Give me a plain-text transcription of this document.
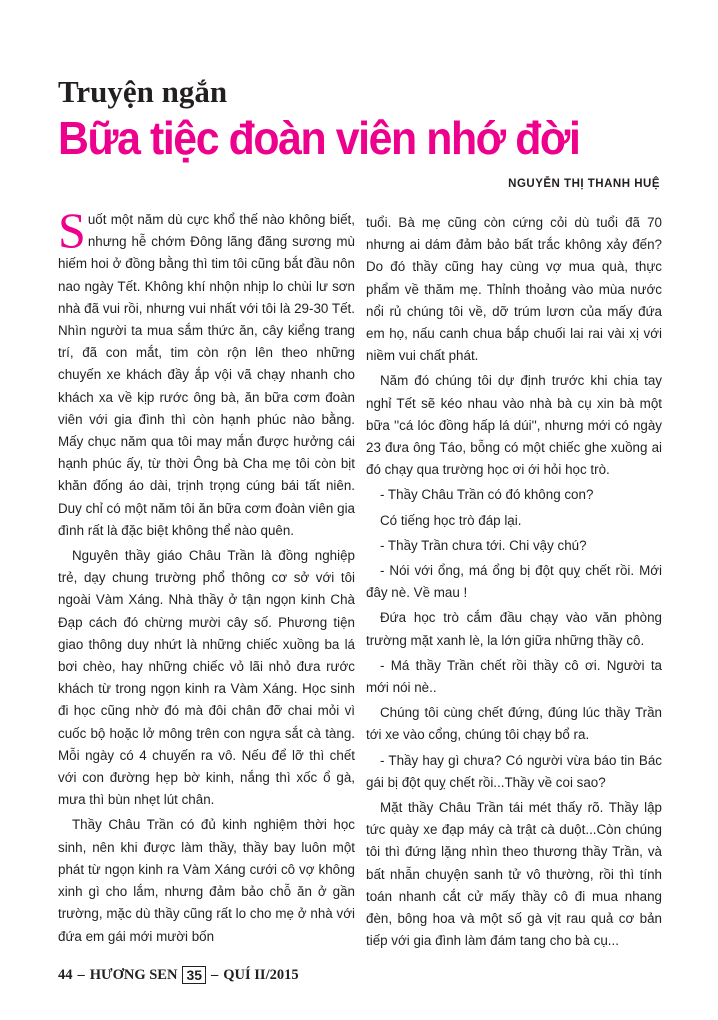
Truyện ngắn
Bữa tiệc đoàn viên nhớ đời

NGUYỄN THỊ THANH HUỆ

Suốt một năm dù cực khổ thế nào không biết, nhưng hễ chớm Đông lãng đãng sương mù hiếm hoi ở đồng bằng thì tim tôi cũng bắt đầu nôn nao ngày Tết. Không khí nhộn nhịp lo chùi lư sơn nhà đã vui rồi, nhưng vui nhất với tôi là 29-30 Tết. Nhìn người ta mua sắm thức ăn, cây kiểng trang trí, đã con mắt, tim còn rộn lên theo những chuyến xe khách đầy ắp vội vã chạy nhanh cho khách xa về kịp rước ông bà, ăn bữa cơm đoàn viên với gia đình thì còn hạnh phúc nào bằng. Mấy chục năm qua tôi may mắn được hưởng cái hạnh phúc ấy, từ thời Ông bà Cha mẹ tôi còn bịt khăn đống áo dài, trịnh trọng cúng bái tất niên. Duy chỉ có một năm tôi ăn bữa cơm đoàn viên gia đình rất là đặc biệt không thể nào quên.

Nguyên thầy giáo Châu Trần là đồng nghiệp trẻ, dạy chung trường phổ thông cơ sở với tôi ngoài Vàm Xáng. Nhà thầy ở tận ngọn kinh Chà Đạp cách đó chừng mười cây số. Phương tiện giao thông duy nhứt là những chiếc xuồng ba lá bơi chèo, hay những chiếc vỏ lãi nhỏ đưa rước khách từ trong ngọn kinh ra Vàm Xáng. Học sinh đi học cũng nhờ đó mà đôi chân đỡ chai mỏi vì cuốc bộ hoặc lở mông trên con ngựa sắt cà tàng. Mỗi ngày có 4 chuyến ra vô. Nếu để lỡ thì chết với con đường hẹp bờ kinh, nắng thì xốc ổ gà, mưa thì bùn nhẹt lút chân.

Thầy Châu Trần có đủ kinh nghiệm thời học sinh, nên khi được làm thầy, thầy bay luôn một phát từ ngọn kinh ra Vàm Xáng cưới cô vợ không xinh gì cho lắm, nhưng đảm bảo chỗ ăn ở gần trường, mặc dù thầy cũng rất lo cho mẹ ở nhà với đứa em gái mới mười bốn

tuổi. Bà mẹ cũng còn cứng cỏi dù tuổi đã 70 nhưng ai dám đảm bảo bất trắc không xảy đến? Do đó thầy cũng hay cùng vợ mua quà, thực phẩm về thăm mẹ. Thỉnh thoảng vào mùa nước nổi rủ chúng tôi về, dỡ trúm lươn của mấy đứa em họ, nấu canh chua bắp chuối lai rai vài xị với niềm vui chất phát.

Năm đó chúng tôi dự định trước khi chia tay nghỉ Tết sẽ kéo nhau vào nhà bà cụ xin bà một bữa ''cá lóc đồng hấp lá dúi'', nhưng mới có ngày 23 đưa ông Táo, bỗng có một chiếc ghe xuồng ai đó chạy qua trường học ơi ới hỏi học trò.

- Thầy Châu Trần có đó không con?

Có tiếng học trò đáp lại.

- Thầy Trần chưa tới. Chi vậy chú?

- Nói với ổng, má ổng bị đột quỵ chết rồi. Mới đây nè. Về mau !

Đứa học trò cắm đầu chạy vào văn phòng trường mặt xanh lè, la lớn giữa những thầy cô.

- Má thầy Trần chết rồi thầy cô ơi. Người ta mới nói nè..

Chúng tôi cùng chết đứng, đúng lúc thầy Trần tới xe vào cổng, chúng tôi chạy bổ ra.

- Thầy hay gì chưa? Có người vừa báo tin Bác gái bị đột quỵ chết rồi...Thầy về coi sao?

Mặt thầy Châu Trần tái mét thấy rõ. Thầy lập tức quày xe đạp máy cà trật cà duột...Còn chúng tôi thì đứng lặng nhìn theo thương thầy Trần, và bất nhẫn chuyện sanh tử vô thường, rồi thì tính toán nhanh cắt cử mấy thầy cô đi mua nhang đèn, bông hoa và một số gà vịt rau quả cơ bản tiếp với gia đình làm đám tang cho bà cụ...

44 – HƯƠNG SEN 35 – QUÍ II/2015
